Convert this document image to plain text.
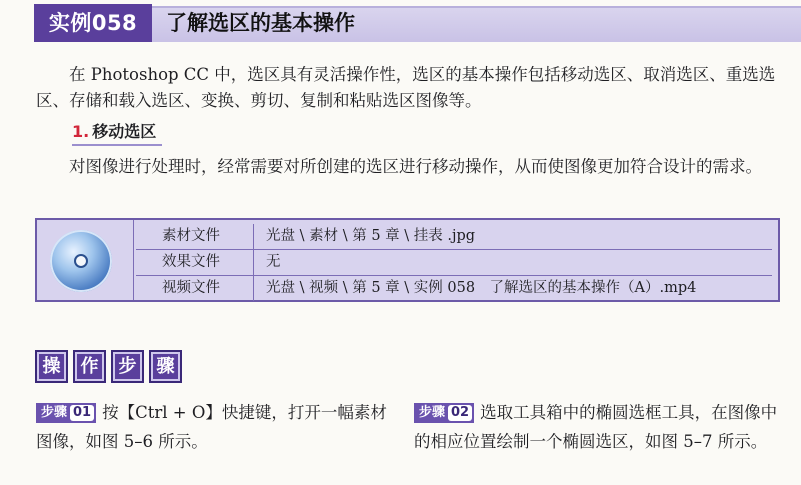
实例058	了解选区的基本操作

在 Photoshop CC 中，选区具有灵活操作性，选区的基本操作包括移动选区、取消选区、重选选区、存储和载入选区、变换、剪切、复制和粘贴选区图像等。

1. 移动选区

对图像进行处理时，经常需要对所创建的选区进行移动操作，从而使图像更加符合设计的需求。

素材文件	光盘 \ 素材 \ 第 5 章 \ 挂表 .jpg
效果文件	无
视频文件	光盘 \ 视频 \ 第 5 章 \ 实例 058　了解选区的基本操作（A）.mp4
操 作 步 骤

步骤 01 按【Ctrl + O】快捷键，打开一幅素材图像，如图 5–6 所示。

步骤 02 选取工具箱中的椭圆选框工具，在图像中的相应位置绘制一个椭圆选区，如图 5–7 所示。
